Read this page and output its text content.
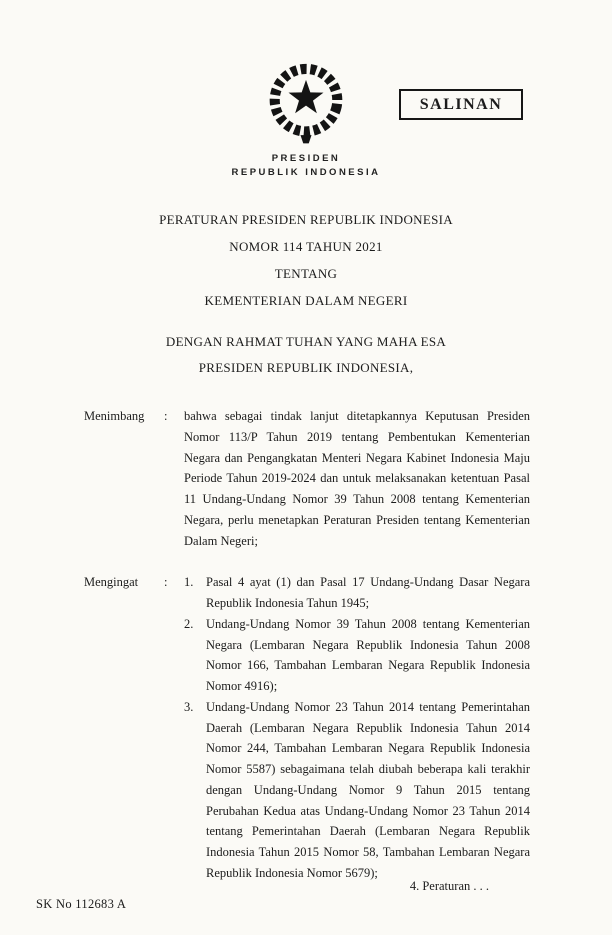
SALINAN
PRESIDEN
REPUBLIK INDONESIA
PERATURAN PRESIDEN REPUBLIK INDONESIA
NOMOR 114 TAHUN 2021
TENTANG
KEMENTERIAN DALAM NEGERI
DENGAN RAHMAT TUHAN YANG MAHA ESA
PRESIDEN REPUBLIK INDONESIA,
Menimbang	:	bahwa sebagai tindak lanjut ditetapkannya Keputusan Presiden Nomor 113/P Tahun 2019 tentang Pembentukan Kementerian Negara dan Pengangkatan Menteri Negara Kabinet Indonesia Maju Periode Tahun 2019-2024 dan untuk melaksanakan ketentuan Pasal 11 Undang-Undang Nomor 39 Tahun 2008 tentang Kementerian Negara, perlu menetapkan Peraturan Presiden tentang Kementerian Dalam Negeri;
Mengingat	:	1.	Pasal 4 ayat (1) dan Pasal 17 Undang-Undang Dasar Negara Republik Indonesia Tahun 1945;
2.	Undang-Undang Nomor 39 Tahun 2008 tentang Kementerian Negara (Lembaran Negara Republik Indonesia Tahun 2008 Nomor 166, Tambahan Lembaran Negara Republik Indonesia Nomor 4916);
3.	Undang-Undang Nomor 23 Tahun 2014 tentang Pemerintahan Daerah (Lembaran Negara Republik Indonesia Tahun 2014 Nomor 244, Tambahan Lembaran Negara Republik Indonesia Nomor 5587) sebagaimana telah diubah beberapa kali terakhir dengan Undang-Undang Nomor 9 Tahun 2015 tentang Perubahan Kedua atas Undang-Undang Nomor 23 Tahun 2014 tentang Pemerintahan Daerah (Lembaran Negara Republik Indonesia Tahun 2015 Nomor 58, Tambahan Lembaran Negara Republik Indonesia Nomor 5679);
4. Peraturan . . .
SK No 112683 A
